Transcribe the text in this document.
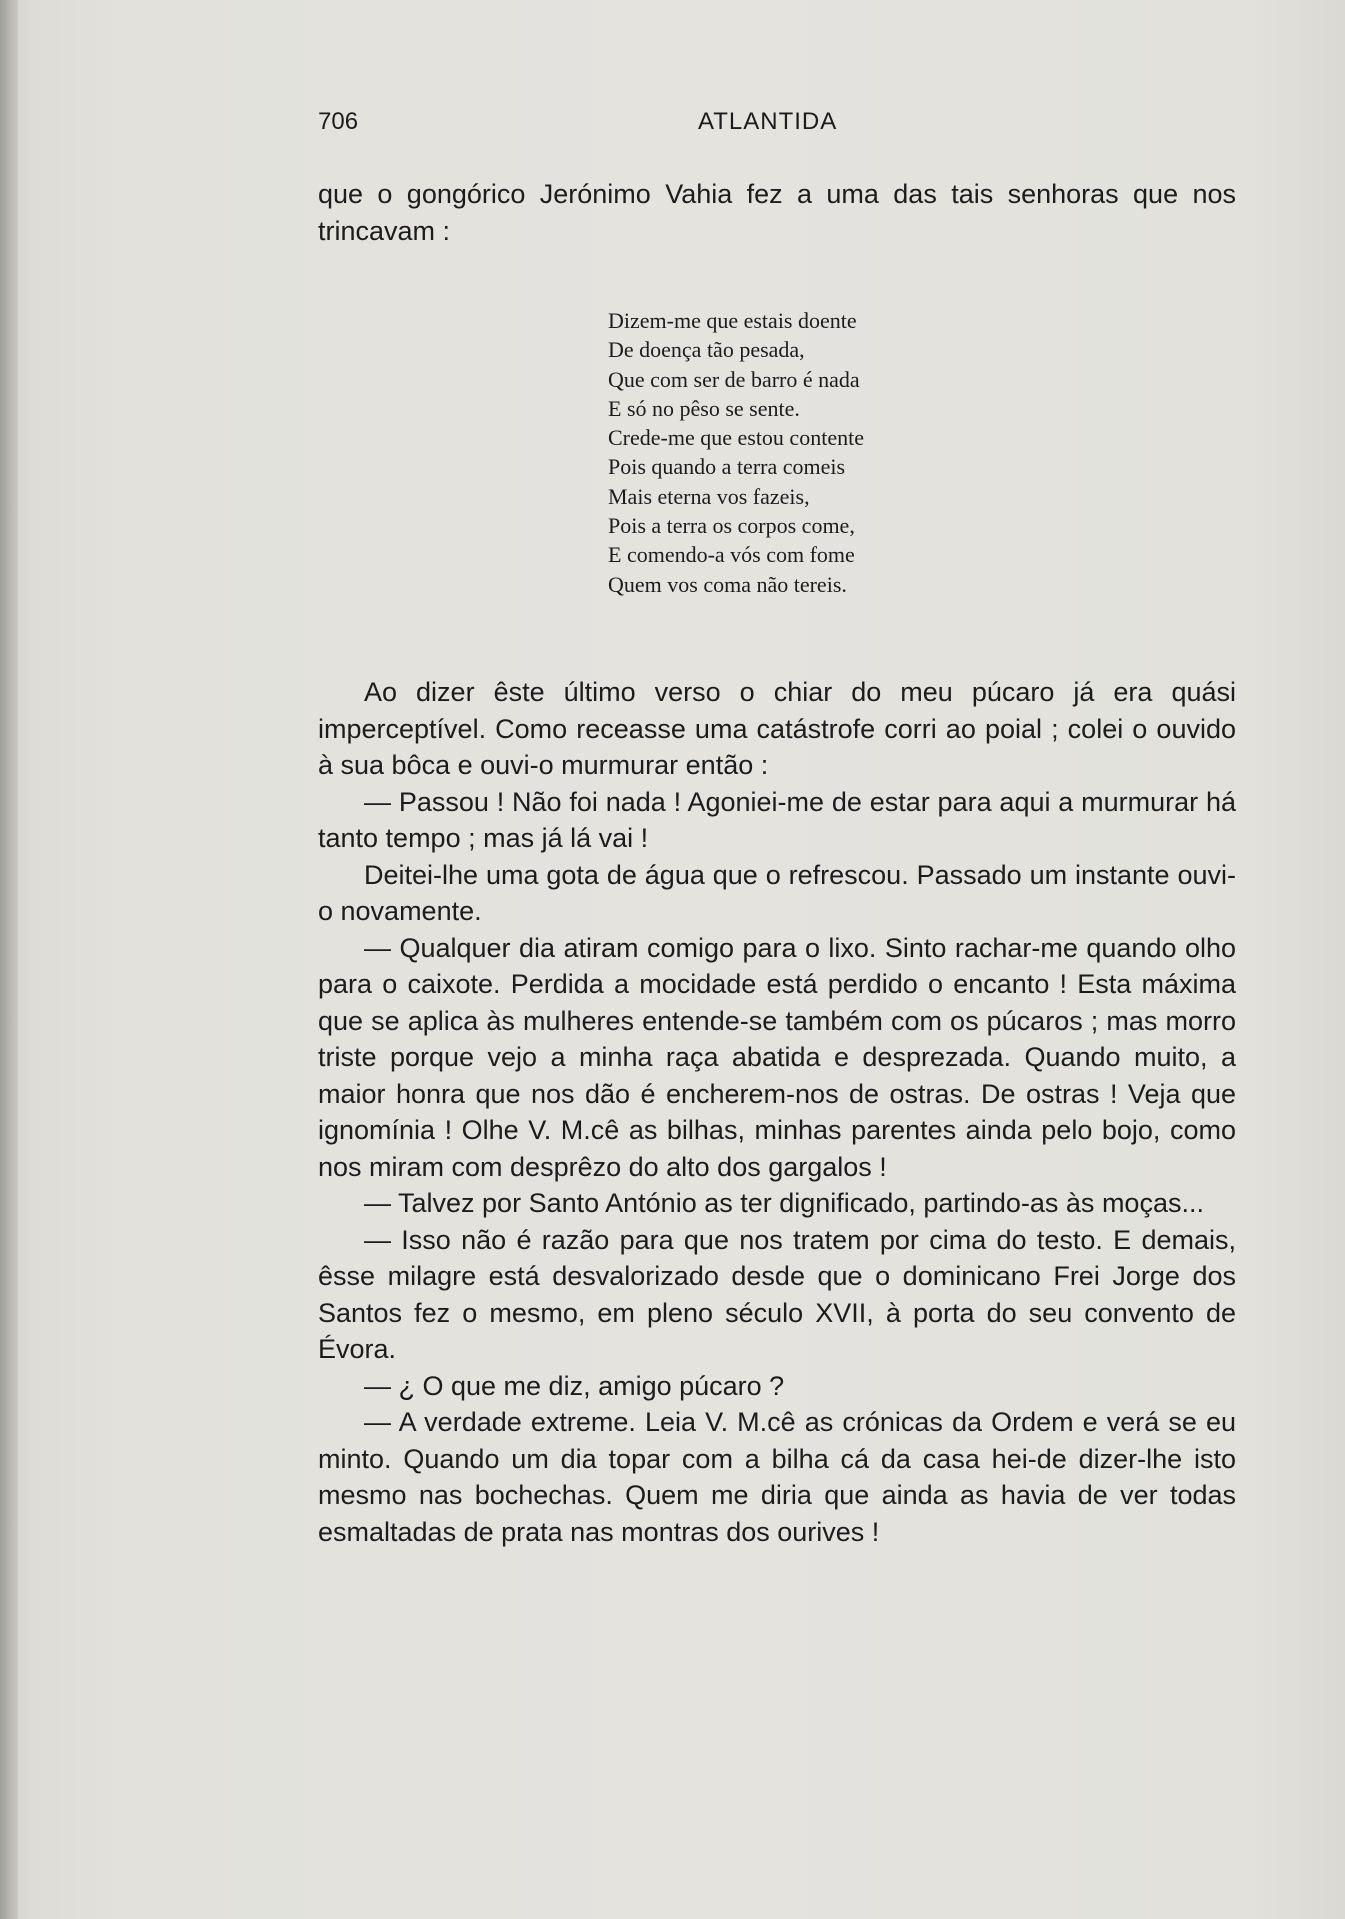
706	ATLANTIDA

que o gongórico Jerónimo Vahia fez a uma das tais senhoras que nos trincavam :

Dizem-me que estais doente
De doença tão pesada,
Que com ser de barro é nada
E só no pêso se sente.
Crede-me que estou contente
Pois quando a terra comeis
Mais eterna vos fazeis,
Pois a terra os corpos come,
E comendo-a vós com fome
Quem vos coma não tereis.

Ao dizer êste último verso o chiar do meu púcaro já era quási imperceptível. Como receasse uma catástrofe corri ao poial ; colei o ouvido à sua bôca e ouvi-o murmurar então :

— Passou ! Não foi nada ! Agoniei-me de estar para aqui a murmurar há tanto tempo ; mas já lá vai !

Deitei-lhe uma gota de água que o refrescou. Passado um instante ouvi-o novamente.

— Qualquer dia atiram comigo para o lixo. Sinto rachar-me quando olho para o caixote. Perdida a mocidade está perdido o encanto ! Esta máxima que se aplica às mulheres entende-se também com os púcaros ; mas morro triste porque vejo a minha raça abatida e desprezada. Quando muito, a maior honra que nos dão é encherem-nos de ostras. De ostras ! Veja que ignomínia ! Olhe V. M.cê as bilhas, minhas parentes ainda pelo bojo, como nos miram com desprêzo do alto dos gargalos !

— Talvez por Santo António as ter dignificado, partindo-as às moças...

— Isso não é razão para que nos tratem por cima do testo. E demais, êsse milagre está desvalorizado desde que o dominicano Frei Jorge dos Santos fez o mesmo, em pleno século XVII, à porta do seu convento de Évora.

— ¿ O que me diz, amigo púcaro ?

— A verdade extreme. Leia V. M.cê as crónicas da Ordem e verá se eu minto. Quando um dia topar com a bilha cá da casa hei-de dizer-lhe isto mesmo nas bochechas. Quem me diria que ainda as havia de ver todas esmaltadas de prata nas montras dos ourives !
